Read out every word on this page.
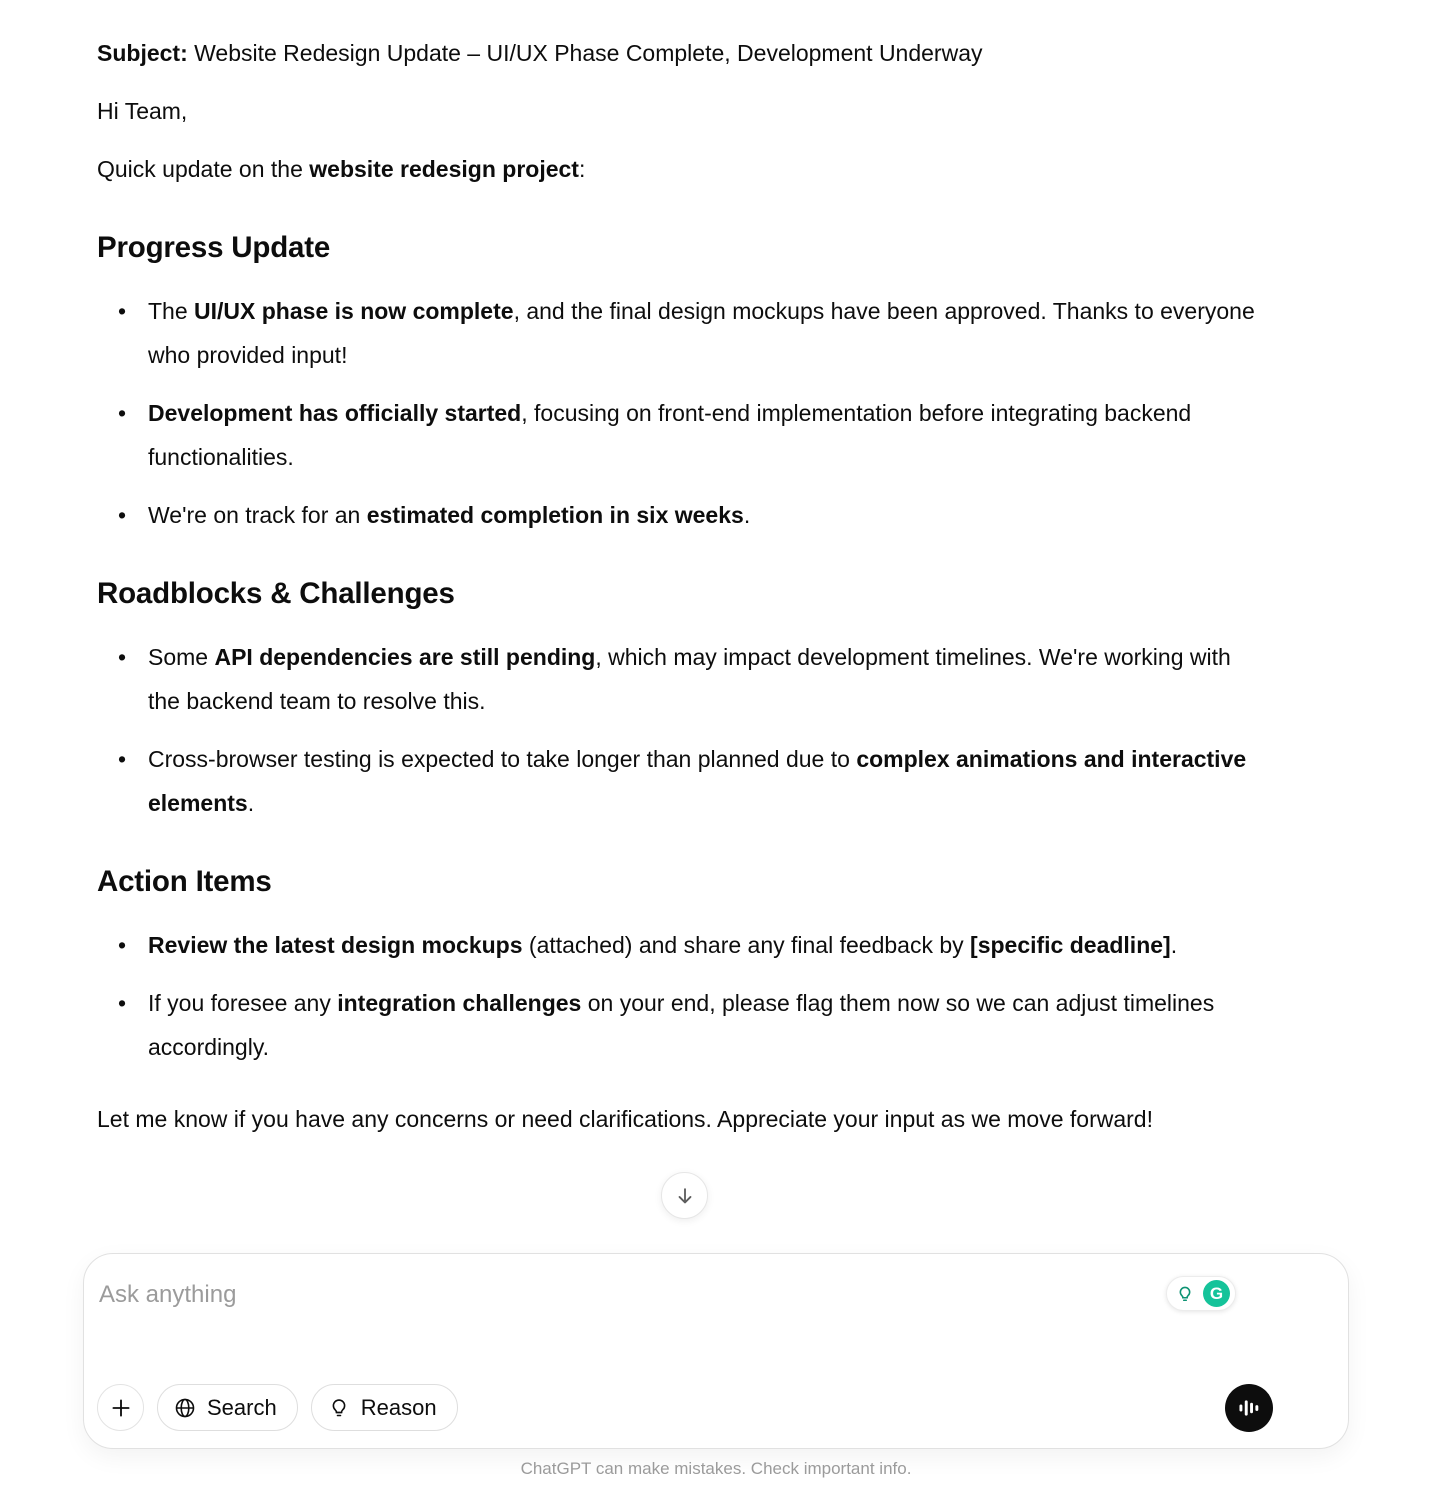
Subject: Website Redesign Update – UI/UX Phase Complete, Development Underway

Hi Team,

Quick update on the website redesign project:

Progress Update
• The UI/UX phase is now complete, and the final design mockups have been approved. Thanks to everyone who provided input!
• Development has officially started, focusing on front-end implementation before integrating backend functionalities.
• We're on track for an estimated completion in six weeks.
Roadblocks & Challenges
• Some API dependencies are still pending, which may impact development timelines. We're working with the backend team to resolve this.
• Cross-browser testing is expected to take longer than planned due to complex animations and interactive elements.
Action Items
• Review the latest design mockups (attached) and share any final feedback by [specific deadline].
• If you foresee any integration challenges on your end, please flag them now so we can adjust timelines accordingly.

Let me know if you have any concerns or need clarifications. Appreciate your input as we move forward!

Ask anything
G
Search	Reason
ChatGPT can make mistakes. Check important info.
